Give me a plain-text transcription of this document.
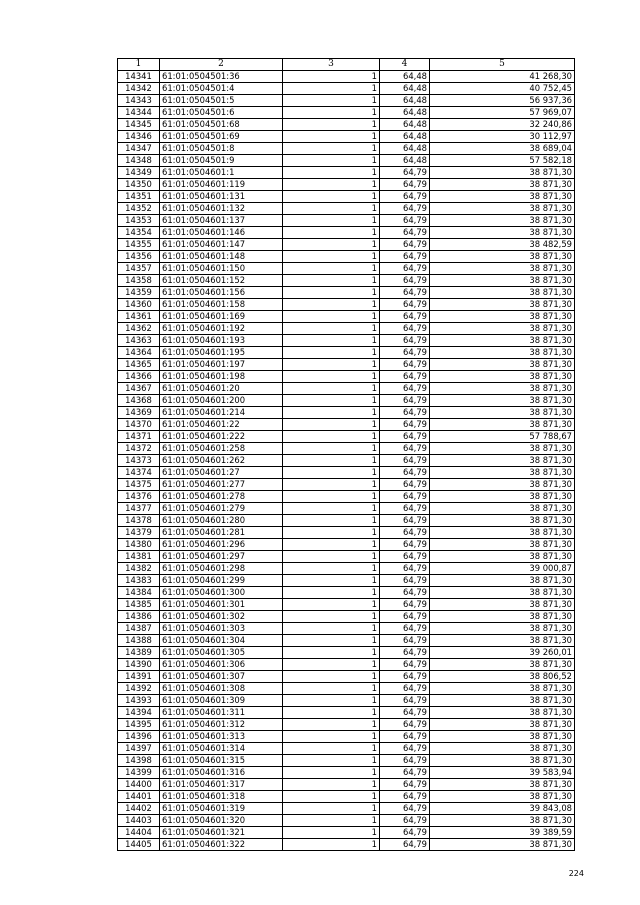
1	2	3	4	5
14341	61:01:0504501:36	1	64,48	41 268,30
14342	61:01:0504501:4	1	64,48	40 752,45
14343	61:01:0504501:5	1	64,48	56 937,36
14344	61:01:0504501:6	1	64,48	57 969,07
14345	61:01:0504501:68	1	64,48	32 240,86
14346	61:01:0504501:69	1	64,48	30 112,97
14347	61:01:0504501:8	1	64,48	38 689,04
14348	61:01:0504501:9	1	64,48	57 582,18
14349	61:01:0504601:1	1	64,79	38 871,30
14350	61:01:0504601:119	1	64,79	38 871,30
14351	61:01:0504601:131	1	64,79	38 871,30
14352	61:01:0504601:132	1	64,79	38 871,30
14353	61:01:0504601:137	1	64,79	38 871,30
14354	61:01:0504601:146	1	64,79	38 871,30
14355	61:01:0504601:147	1	64,79	38 482,59
14356	61:01:0504601:148	1	64,79	38 871,30
14357	61:01:0504601:150	1	64,79	38 871,30
14358	61:01:0504601:152	1	64,79	38 871,30
14359	61:01:0504601:156	1	64,79	38 871,30
14360	61:01:0504601:158	1	64,79	38 871,30
14361	61:01:0504601:169	1	64,79	38 871,30
14362	61:01:0504601:192	1	64,79	38 871,30
14363	61:01:0504601:193	1	64,79	38 871,30
14364	61:01:0504601:195	1	64,79	38 871,30
14365	61:01:0504601:197	1	64,79	38 871,30
14366	61:01:0504601:198	1	64,79	38 871,30
14367	61:01:0504601:20	1	64,79	38 871,30
14368	61:01:0504601:200	1	64,79	38 871,30
14369	61:01:0504601:214	1	64,79	38 871,30
14370	61:01:0504601:22	1	64,79	38 871,30
14371	61:01:0504601:222	1	64,79	57 788,67
14372	61:01:0504601:258	1	64,79	38 871,30
14373	61:01:0504601:262	1	64,79	38 871,30
14374	61:01:0504601:27	1	64,79	38 871,30
14375	61:01:0504601:277	1	64,79	38 871,30
14376	61:01:0504601:278	1	64,79	38 871,30
14377	61:01:0504601:279	1	64,79	38 871,30
14378	61:01:0504601:280	1	64,79	38 871,30
14379	61:01:0504601:281	1	64,79	38 871,30
14380	61:01:0504601:296	1	64,79	38 871,30
14381	61:01:0504601:297	1	64,79	38 871,30
14382	61:01:0504601:298	1	64,79	39 000,87
14383	61:01:0504601:299	1	64,79	38 871,30
14384	61:01:0504601:300	1	64,79	38 871,30
14385	61:01:0504601:301	1	64,79	38 871,30
14386	61:01:0504601:302	1	64,79	38 871,30
14387	61:01:0504601:303	1	64,79	38 871,30
14388	61:01:0504601:304	1	64,79	38 871,30
14389	61:01:0504601:305	1	64,79	39 260,01
14390	61:01:0504601:306	1	64,79	38 871,30
14391	61:01:0504601:307	1	64,79	38 806,52
14392	61:01:0504601:308	1	64,79	38 871,30
14393	61:01:0504601:309	1	64,79	38 871,30
14394	61:01:0504601:311	1	64,79	38 871,30
14395	61:01:0504601:312	1	64,79	38 871,30
14396	61:01:0504601:313	1	64,79	38 871,30
14397	61:01:0504601:314	1	64,79	38 871,30
14398	61:01:0504601:315	1	64,79	38 871,30
14399	61:01:0504601:316	1	64,79	39 583,94
14400	61:01:0504601:317	1	64,79	38 871,30
14401	61:01:0504601:318	1	64,79	38 871,30
14402	61:01:0504601:319	1	64,79	39 843,08
14403	61:01:0504601:320	1	64,79	38 871,30
14404	61:01:0504601:321	1	64,79	39 389,59
14405	61:01:0504601:322	1	64,79	38 871,30
224
